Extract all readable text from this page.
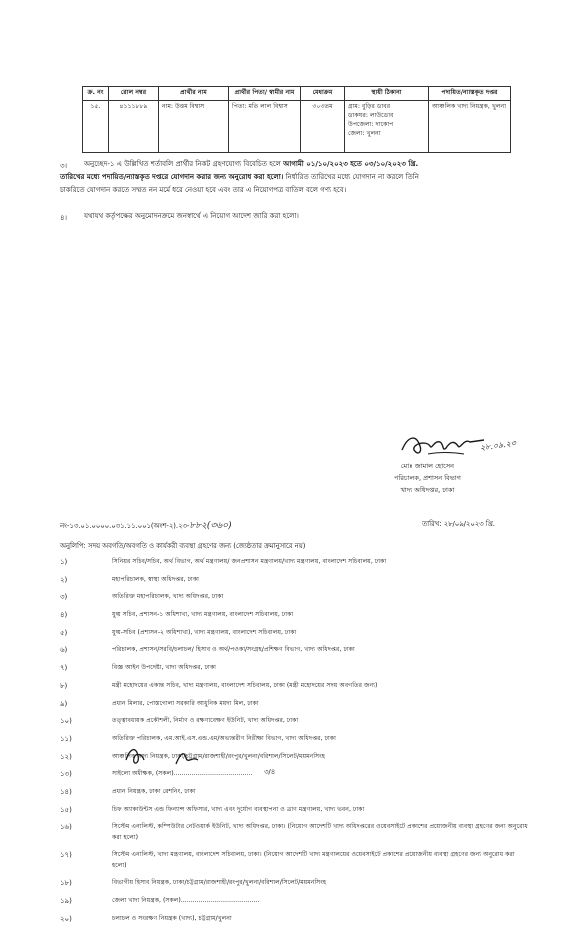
ক্র. নং	রোল নম্বর	প্রার্থীর নাম	প্রার্থীর পিতা/ স্বামীর নাম	মেধাক্রম	স্থায়ী ঠিকানা	পদায়িত/ন্যাস্তকৃত দপ্তর
১৫.	৪১১১৮৮৯	নাম: উত্তম বিশ্বাস	পিতা: মতি লাল বিশ্বাস	৩০৩তম	গ্রাম: বুড়ির ডাবর
ডাকঘর: লাউডোব
উপজেলা: দাকোপ
জেলা: খুলনা	আঞ্চলিক খাদ্য নিয়ন্ত্রক, খুলনা
৩। অনুচ্ছেদ-১ এ উল্লিখিত শর্তাবলি প্রার্থীর নিকট গ্রহণযোগ্য বিবেচিত হলে আগামী ০১/১০/২০২৩ হতে ০৩/১০/২০২৩ খ্রি.
তারিখের মধ্যে পদায়িত/ন্যাস্তকৃত দপ্তরে যোগদান করার জন্য অনুরোধ করা হলো। নির্ধারিত তারিখের মধ্যে যোগদান না করলে তিনি
চাকরিতে যোগদান করতে সম্মত নন মর্মে ধরে নেওয়া হবে এবং তার এ নিয়োগপত্র বাতিল বলে গণ্য হবে।
৪। যথাযথ কর্তৃপক্ষের অনুমোদনক্রমে জনস্বার্থে এ নিয়োগ আদেশ জারি করা হলো।
২৮.০৯.২৩
মোঃ জামাল হোসেন
পরিচালক, প্রশাসন বিভাগ
খাদ্য অধিদপ্তর, ঢাকা
নং-১৩.০১.০০০০.০৩১.১১.০০১(অংশ-২).২৩-৮৮২(৩৬০)	তারিখ: ২৮/০৯/২০২৩ খ্রি.
অনুলিপি: সদয় অবগতি/অবগতি ও কার্যকরী ব্যবস্থা গ্রহণের জন্য (জ্যেষ্ঠতার ক্রমানুসারে নয়)
১)	সিনিয়র সচিব/সচিব, অর্থ বিভাগ, অর্থ মন্ত্রণালয়/ জনপ্রশাসন মন্ত্রণালয়/খাদ্য মন্ত্রণালয়, বাংলাদেশ সচিবালয়, ঢাকা
২)	মহাপরিচালক, স্বাস্থ্য অধিদপ্তর, ঢাকা
৩)	অতিরিক্ত মহাপরিচালক, খাদ্য অধিদপ্তর, ঢাকা
৪)	যুগ্ম সচিব, প্রশাসন-১ অধিশাখা, খাদ্য মন্ত্রণালয়, বাংলাদেশ সচিবালয়, ঢাকা
৫)	যুগ্ম-সচিব (প্রশাসন-২ অধিশাখা), খাদ্য মন্ত্রণালয়, বাংলাদেশ সচিবালয়, ঢাকা
৬)	পরিচালক, প্রশাসন/সরবি/চলাচল/ হিসাব ও অর্থ/পওকা/সংগ্রহ/প্রশিক্ষণ বিভাগ, খাদ্য অধিদপ্তর, ঢাকা
৭)	বিজ্ঞ আইন উপদেষ্টা, খাদ্য অধিদপ্তর, ঢাকা
৮)	মন্ত্রী মহোদয়ের একান্ত সচিব, খাদ্য মন্ত্রণালয়, বাংলাদেশ সচিবালয়, ঢাকা (মন্ত্রী মহোদয়ের সদয় অবগতির জন্য)
৯)	প্রধান মিলার, পোস্তগোলা সরকারি আধুনিক ময়দা মিল, ঢাকা
১০)	তত্ত্বাবধায়ক প্রকৌশলী, নির্মাণ ও রক্ষণাবেক্ষণ ইউনিট, খাদ্য অধিদপ্তর, ঢাকা
১১)	অতিরিক্ত পরিচালক, এম.আই.এস.এন্ড.এম/অভ্যন্তরীণ নিরীক্ষা বিভাগ, খাদ্য অধিদপ্তর, ঢাকা
১২)	আঞ্চলিক খাদ্য নিয়ন্ত্রক, ঢাকা/চট্টগ্রাম/রাজশাহী/রংপুর/খুলনা/বরিশাল/সিলেট/ময়মনসিংহ
১৩)	সাইলো অধীক্ষক, (সকল)........................................
১৪)	প্রধান নিয়ন্ত্রক, ঢাকা রেশনিং, ঢাকা
১৫)	চিফ অ্যাকাউন্টস এন্ড ফিন্যান্স অফিসার, খাদ্য এবং দুর্যোগ ব্যবস্থাপনা ও ত্রাণ মন্ত্রণালয়, খাদ্য ভবন, ঢাকা
১৬)	সিস্টেম এনালিস্ট, কম্পিউটার নেটওয়ার্ক ইউনিট, খাদ্য অধিদপ্তর, ঢাকা। (নিয়োগ আদেশটি খাদ্য অধিদপ্তরের ওয়েবসাইটে প্রকাশের প্রয়োজনীয় ব্যবস্থা গ্রহণের জন্য অনুরোধ করা হলো)
১৭)	সিস্টেম এনালিস্ট, খাদ্য মন্ত্রণালয়, বাংলাদেশ সচিবালয়, ঢাকা। (নিয়োগ আদেশটি খাদ্য মন্ত্রণালয়ের ওয়েবসাইটে প্রকাশের প্রয়োজনীয় ব্যবস্থা গ্রহণের জন্য অনুরোধ করা হলো)
১৮)	বিভাগীয় হিসাব নিয়ন্ত্রক, ঢাকা/চট্টগ্রাম/রাজশাহী/রংপুর/খুলনা/বরিশাল/সিলেট/ময়মনসিংহ
১৯)	জেলা খাদ্য নিয়ন্ত্রক, (সকল)........................................
২০)	চলাচল ও সংরক্ষণ নিয়ন্ত্রক (খাদ্য), চট্টগ্রাম/খুলনা
৩/৪
